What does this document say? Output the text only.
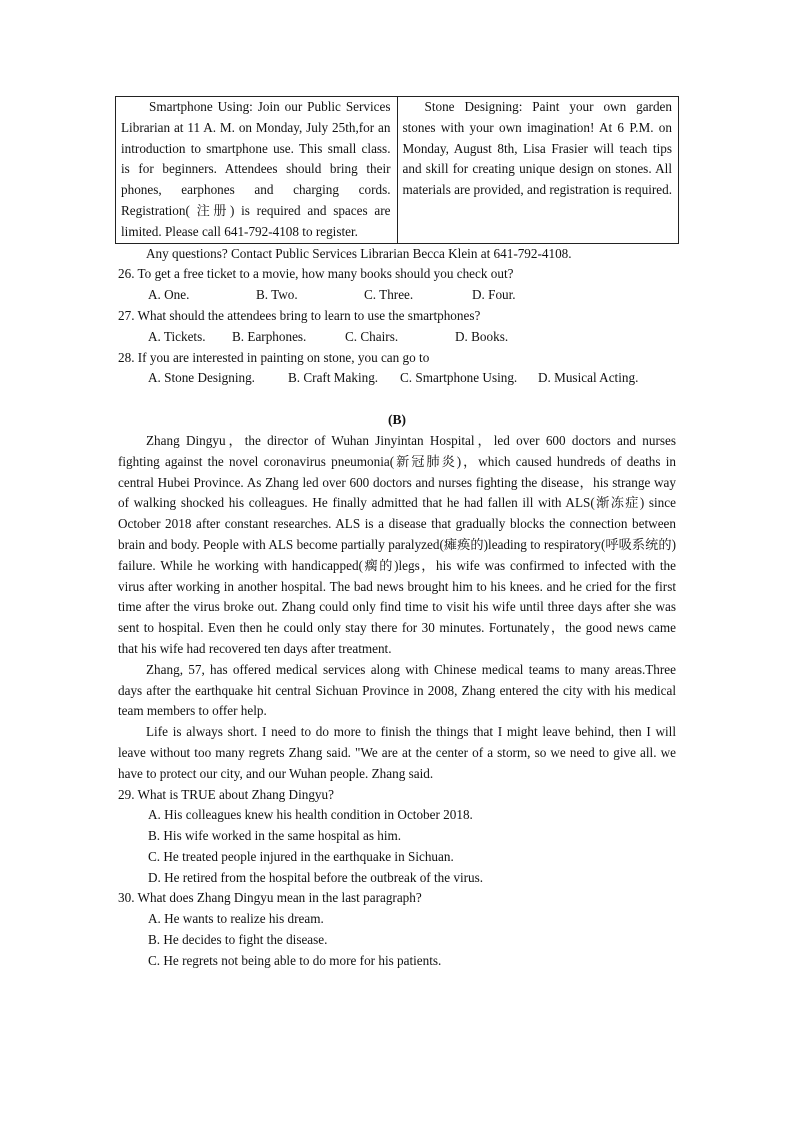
Smartphone Using: Join our Public Services Librarian at 11 A. M. on Monday, July 25th,for an introduction to smartphone use. This small class. is for beginners. Attendees should bring their phones, earphones and charging cords. Registration( 注册) is required and spaces are limited. Please call 641-792-4108 to register.	Stone Designing: Paint your own garden stones with your own imagination! At 6 P.M. on Monday, August 8th, Lisa Frasier will teach tips and skill for creating unique design on stones. All materials are provided, and registration is required.
Any questions? Contact Public Services Librarian Becca Klein at 641-792-4108.
26. To get a free ticket to a movie, how many books should you check out?
A. One.	B. Two.	C. Three.	D. Four.
27. What should the attendees bring to learn to use the smartphones?
A. Tickets.	B. Earphones.	C. Chairs.	D. Books.
28. If you are interested in painting on stone, you can go to
A. Stone Designing.	B. Craft Making.	C. Smartphone Using.	D. Musical Acting.
(B)

Zhang Dingyu，the director of Wuhan Jinyintan Hospital，led over 600 doctors and nurses fighting against the novel coronavirus pneumonia(新冠肺炎)，which caused hundreds of deaths in central Hubei Province. As Zhang led over 600 doctors and nurses fighting the disease，his strange way of walking shocked his colleagues. He finally admitted that he had fallen ill with ALS(渐冻症) since October 2018 after constant researches. ALS is a disease that gradually blocks the connection between brain and body. People with ALS become partially paralyzed(瘫痪的)leading to respiratory(呼吸系统的) failure. While he working with handicapped(瘸的)legs，his wife was confirmed to infected with the virus after working in another hospital. The bad news brought him to his knees. and he cried for the first time after the virus broke out. Zhang could only find time to visit his wife until three days after she was sent to hospital. Even then he could only stay there for 30 minutes. Fortunately，the good news came that his wife had recovered ten days after treatment.

Zhang, 57, has offered medical services along with Chinese medical teams to many areas.Three days after the earthquake hit central Sichuan Province in 2008, Zhang entered the city with his medical team members to offer help.

Life is always short. I need to do more to finish the things that I might leave behind, then I will leave without too many regrets Zhang said. "We are at the center of a storm, so we need to give all. we have to protect our city, and our Wuhan people. Zhang said.

29. What is TRUE about Zhang Dingyu?
A. His colleagues knew his health condition in October 2018.
B. His wife worked in the same hospital as him.
C. He treated people injured in the earthquake in Sichuan.
D. He retired from the hospital before the outbreak of the virus.
30. What does Zhang Dingyu mean in the last paragraph?
A. He wants to realize his dream.
B. He decides to fight the disease.
C. He regrets not being able to do more for his patients.
